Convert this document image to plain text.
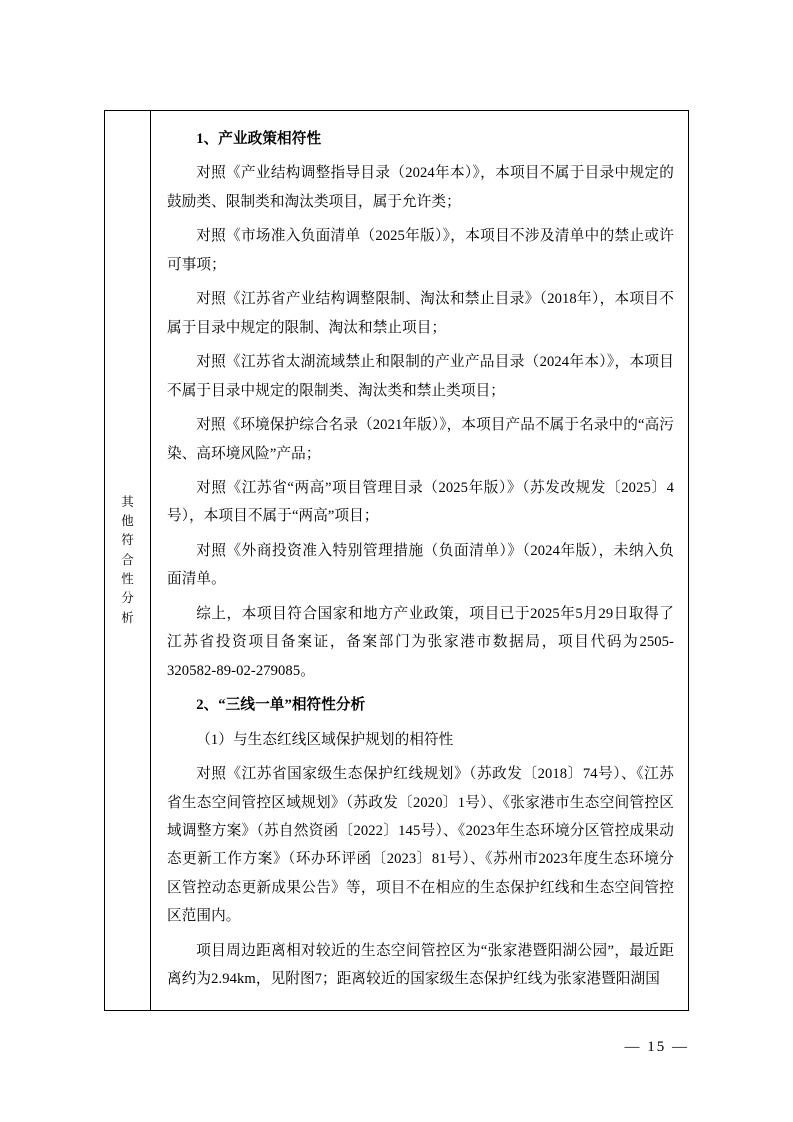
其他符合性分析

1、产业政策相符性

对照《产业结构调整指导目录（2024年本）》，本项目不属于目录中规定的鼓励类、限制类和淘汰类项目，属于允许类；

对照《市场准入负面清单（2025年版）》，本项目不涉及清单中的禁止或许可事项；

对照《江苏省产业结构调整限制、淘汰和禁止目录》（2018年），本项目不属于目录中规定的限制、淘汰和禁止项目；

对照《江苏省太湖流域禁止和限制的产业产品目录（2024年本）》，本项目不属于目录中规定的限制类、淘汰类和禁止类项目；

对照《环境保护综合名录（2021年版）》，本项目产品不属于名录中的“高污染、高环境风险”产品；

对照《江苏省“两高”项目管理目录（2025年版）》（苏发改规发〔2025〕4号），本项目不属于“两高”项目；

对照《外商投资准入特别管理措施（负面清单）》（2024年版），未纳入负面清单。

综上，本项目符合国家和地方产业政策，项目已于2025年5月29日取得了江苏省投资项目备案证，备案部门为张家港市数据局，项目代码为2505-320582-89-02-279085。

2、“三线一单”相符性分析

（1）与生态红线区域保护规划的相符性

对照《江苏省国家级生态保护红线规划》（苏政发〔2018〕74号）、《江苏省生态空间管控区域规划》（苏政发〔2020〕1号）、《张家港市生态空间管控区域调整方案》（苏自然资函〔2022〕145号）、《2023年生态环境分区管控成果动态更新工作方案》（环办环评函〔2023〕81号）、《苏州市2023年度生态环境分区管控动态更新成果公告》等，项目不在相应的生态保护红线和生态空间管控区范围内。

项目周边距离相对较近的生态空间管控区为“张家港暨阳湖公园”，最近距离约为2.94km，见附图7；距离较近的国家级生态保护红线为张家港暨阳湖国

— 15 —
